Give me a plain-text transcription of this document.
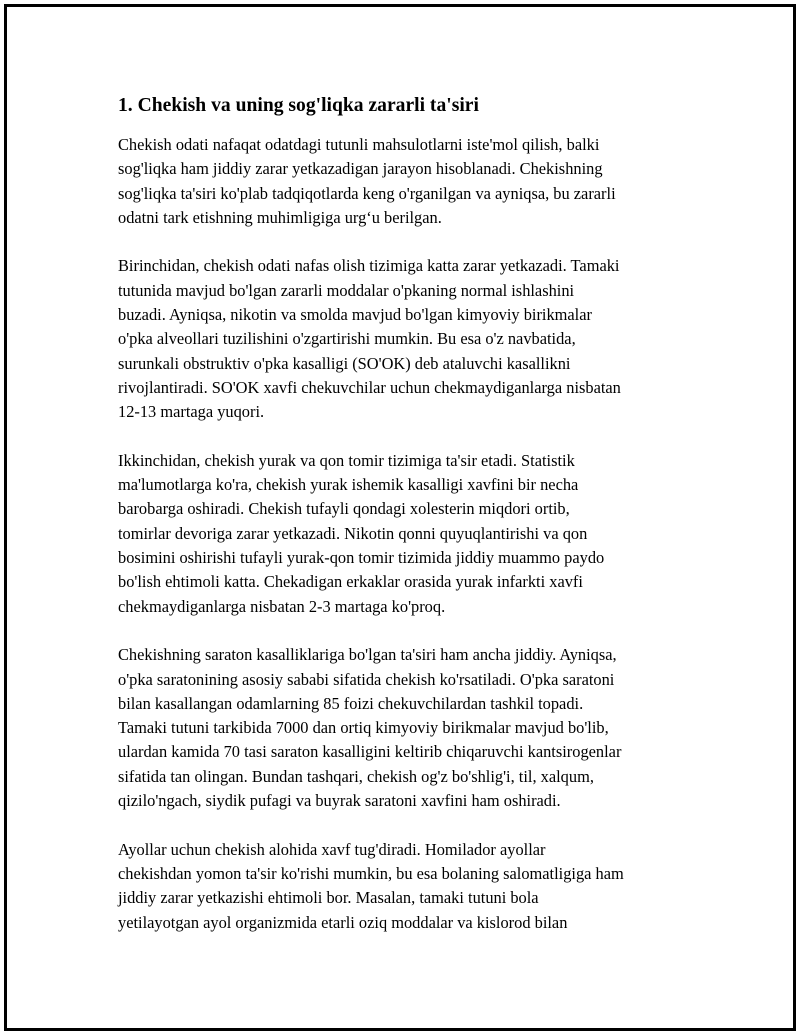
1. Chekish va uning sog'liqka zararli ta'siri

Chekish odati nafaqat odatdagi tutunli mahsulotlarni iste'mol qilish, balki
sog'liqka ham jiddiy zarar yetkazadigan jarayon hisoblanadi. Chekishning
sog'liqka ta'siri ko'plab tadqiqotlarda keng o'rganilgan va ayniqsa, bu zararli
odatni tark etishning muhimligiga urg‘u berilgan.

Birinchidan, chekish odati nafas olish tizimiga katta zarar yetkazadi. Tamaki
tutunida mavjud bo'lgan zararli moddalar o'pkaning normal ishlashini
buzadi. Ayniqsa, nikotin va smolda mavjud bo'lgan kimyoviy birikmalar
o'pka alveollari tuzilishini o'zgartirishi mumkin. Bu esa o'z navbatida,
surunkali obstruktiv o'pka kasalligi (SO'OK) deb ataluvchi kasallikni
rivojlantiradi. SO'OK xavfi chekuvchilar uchun chekmaydiganlarga nisbatan
12-13 martaga yuqori.

Ikkinchidan, chekish yurak va qon tomir tizimiga ta'sir etadi. Statistik
ma'lumotlarga ko'ra, chekish yurak ishemik kasalligi xavfini bir necha
barobarga oshiradi. Chekish tufayli qondagi xolesterin miqdori ortib,
tomirlar devoriga zarar yetkazadi. Nikotin qonni quyuqlantirishi va qon
bosimini oshirishi tufayli yurak-qon tomir tizimida jiddiy muammo paydo
bo'lish ehtimoli katta. Chekadigan erkaklar orasida yurak infarkti xavfi
chekmaydiganlarga nisbatan 2-3 martaga ko'proq.

Chekishning saraton kasalliklariga bo'lgan ta'siri ham ancha jiddiy. Ayniqsa,
o'pka saratonining asosiy sababi sifatida chekish ko'rsatiladi. O'pka saratoni
bilan kasallangan odamlarning 85 foizi chekuvchilardan tashkil topadi.
Tamaki tutuni tarkibida 7000 dan ortiq kimyoviy birikmalar mavjud bo'lib,
ulardan kamida 70 tasi saraton kasalligini keltirib chiqaruvchi kantsirogenlar
sifatida tan olingan. Bundan tashqari, chekish og'z bo'shlig'i, til, xalqum,
qizilo'ngach, siydik pufagi va buyrak saratoni xavfini ham oshiradi.

Ayollar uchun chekish alohida xavf tug'diradi. Homilador ayollar
chekishdan yomon ta'sir ko'rishi mumkin, bu esa bolaning salomatligiga ham
jiddiy zarar yetkazishi ehtimoli bor. Masalan, tamaki tutuni bola
yetilayotgan ayol organizmida etarli oziq moddalar va kislorod bilan
